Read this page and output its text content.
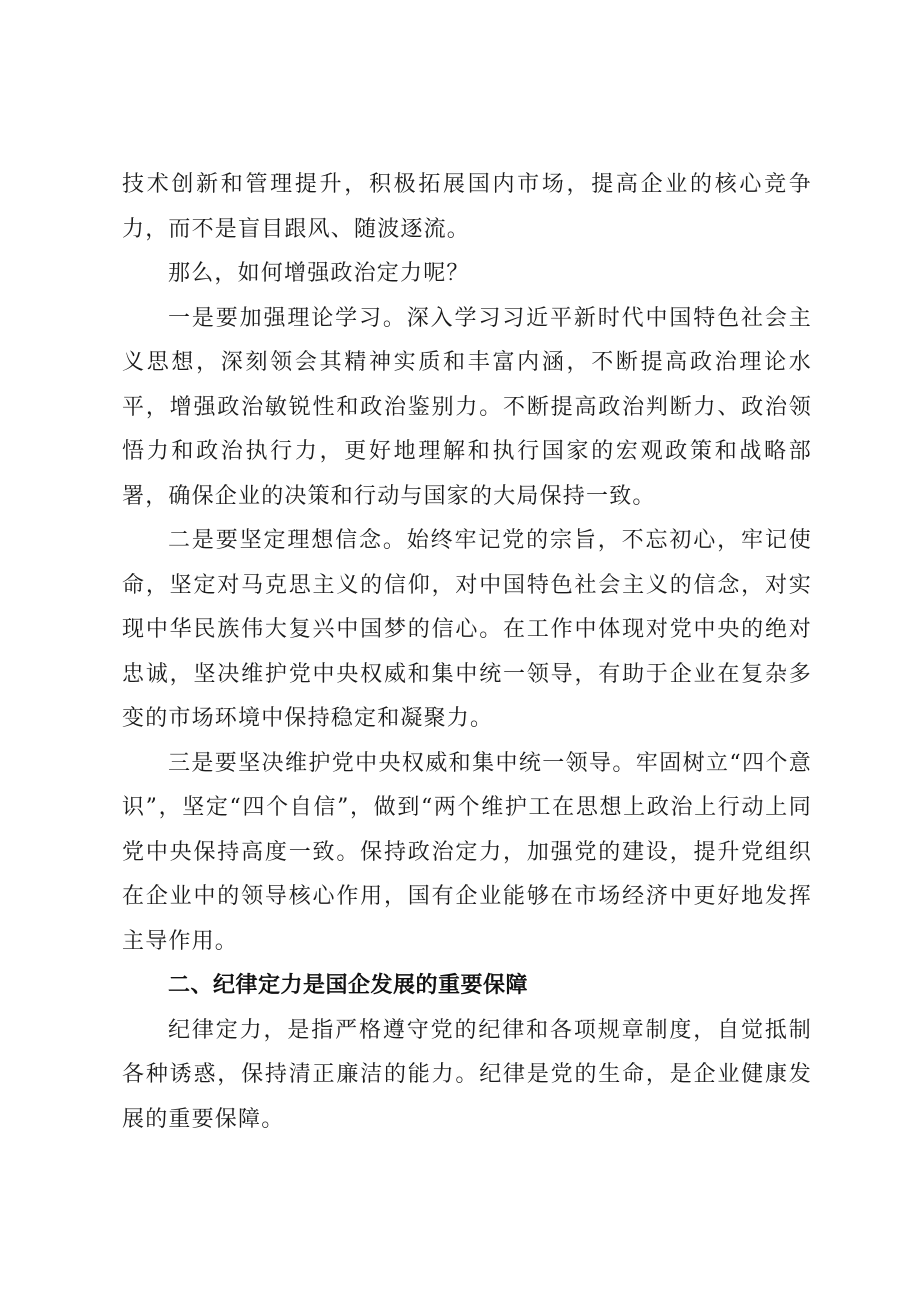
技术创新和管理提升，积极拓展国内市场，提高企业的核心竞争力，而不是盲目跟风、随波逐流。

那么，如何增强政治定力呢？

一是要加强理论学习。深入学习习近平新时代中国特色社会主义思想，深刻领会其精神实质和丰富内涵，不断提高政治理论水平，增强政治敏锐性和政治鉴别力。不断提高政治判断力、政治领悟力和政治执行力，更好地理解和执行国家的宏观政策和战略部署，确保企业的决策和行动与国家的大局保持一致。

二是要坚定理想信念。始终牢记党的宗旨，不忘初心，牢记使命，坚定对马克思主义的信仰，对中国特色社会主义的信念，对实现中华民族伟大复兴中国梦的信心。在工作中体现对党中央的绝对忠诚，坚决维护党中央权威和集中统一领导，有助于企业在复杂多变的市场环境中保持稳定和凝聚力。

三是要坚决维护党中央权威和集中统一领导。牢固树立“四个意识”，坚定“四个自信”，做到“两个维护工在思想上政治上行动上同党中央保持高度一致。保持政治定力，加强党的建设，提升党组织在企业中的领导核心作用，国有企业能够在市场经济中更好地发挥主导作用。

二、纪律定力是国企发展的重要保障

纪律定力，是指严格遵守党的纪律和各项规章制度，自觉抵制各种诱惑，保持清正廉洁的能力。纪律是党的生命，是企业健康发展的重要保障。
